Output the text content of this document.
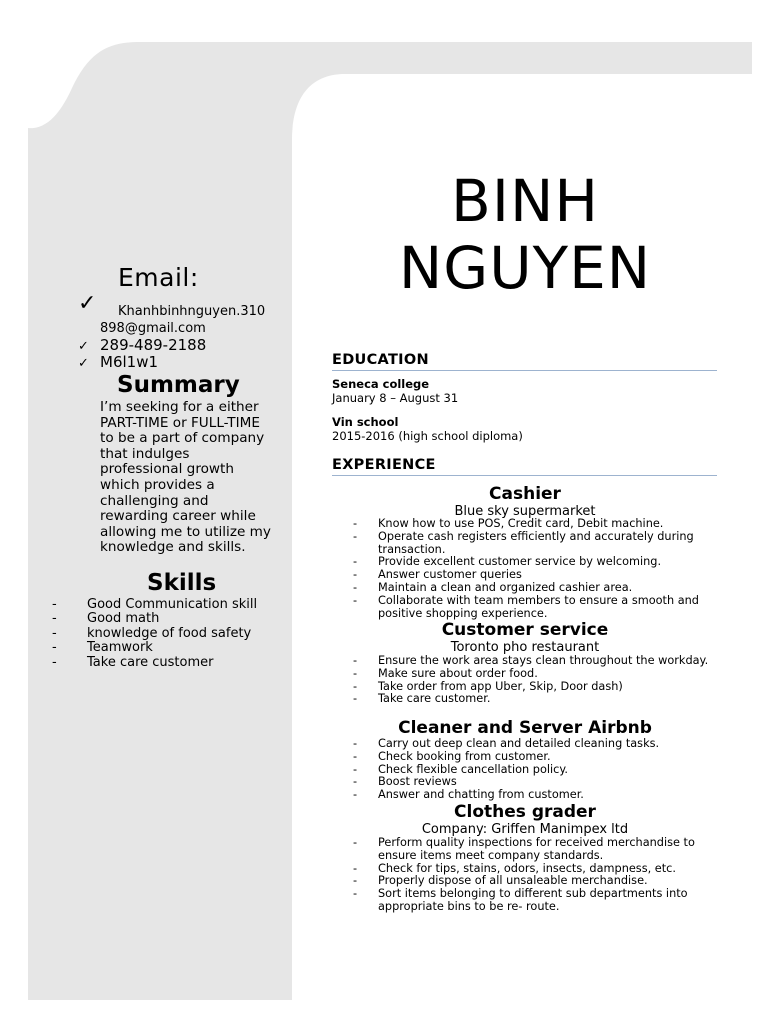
Email:
✓ Khanhbinhnguyen.310
898@gmail.com
✓ 289-489-2188
✓ M6l1w1
Summary
I’m seeking for a either PART-TIME or FULL-TIME to be a part of company that indulges professional growth which provides a challenging and rewarding career while allowing me to utilize my knowledge and skills.
Skills
- Good Communication skill
- Good math
- knowledge of food safety
- Teamwork
- Take care customer
BINH
NGUYEN
EDUCATION
Seneca college
January 8 – August 31
Vin school
2015-2016 (high school diploma)
EXPERIENCE
Cashier
Blue sky supermarket
- Know how to use POS, Credit card, Debit machine.
- Operate cash registers efficiently and accurately during transaction.
- Provide excellent customer service by welcoming.
- Answer customer queries
- Maintain a clean and organized cashier area.
- Collaborate with team members to ensure a smooth and positive shopping experience.
Customer service
Toronto pho restaurant
- Ensure the work area stays clean throughout the workday.
- Make sure about order food.
- Take order from app Uber, Skip, Door dash)
- Take care customer.
Cleaner and Server Airbnb
- Carry out deep clean and detailed cleaning tasks.
- Check booking from customer.
- Check flexible cancellation policy.
- Boost reviews
- Answer and chatting from customer.
Clothes grader
Company: Griffen Manimpex ltd
- Perform quality inspections for received merchandise to ensure items meet company standards.
- Check for tips, stains, odors, insects, dampness, etc.
- Properly dispose of all unsaleable merchandise.
- Sort items belonging to different sub departments into appropriate bins to be re- route.
